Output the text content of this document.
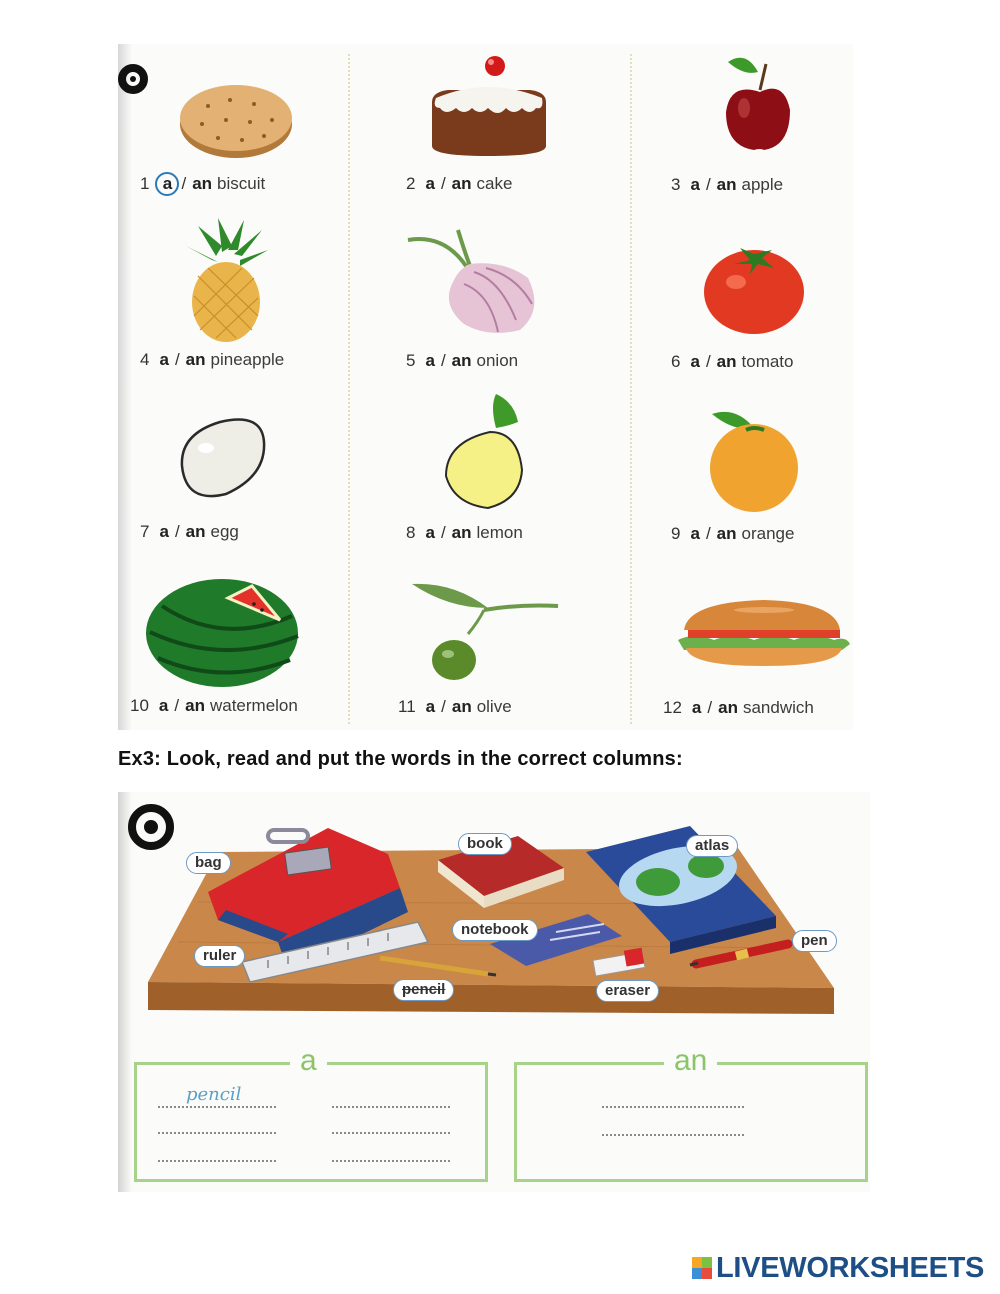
1 a / an biscuit	2 a / an cake	3 a / an apple
4 a / an pineapple	5 a / an onion	6 a / an tomato
7 a / an egg	8 a / an lemon	9 a / an orange
10 a / an watermelon	11 a / an olive	12 a / an sandwich
Ex3: Look, read and put the words in the correct columns:
bag
book	atlas
notebook
ruler
pen
pencil	eraser
a
pencil
an
LIVEWORKSHEETS
